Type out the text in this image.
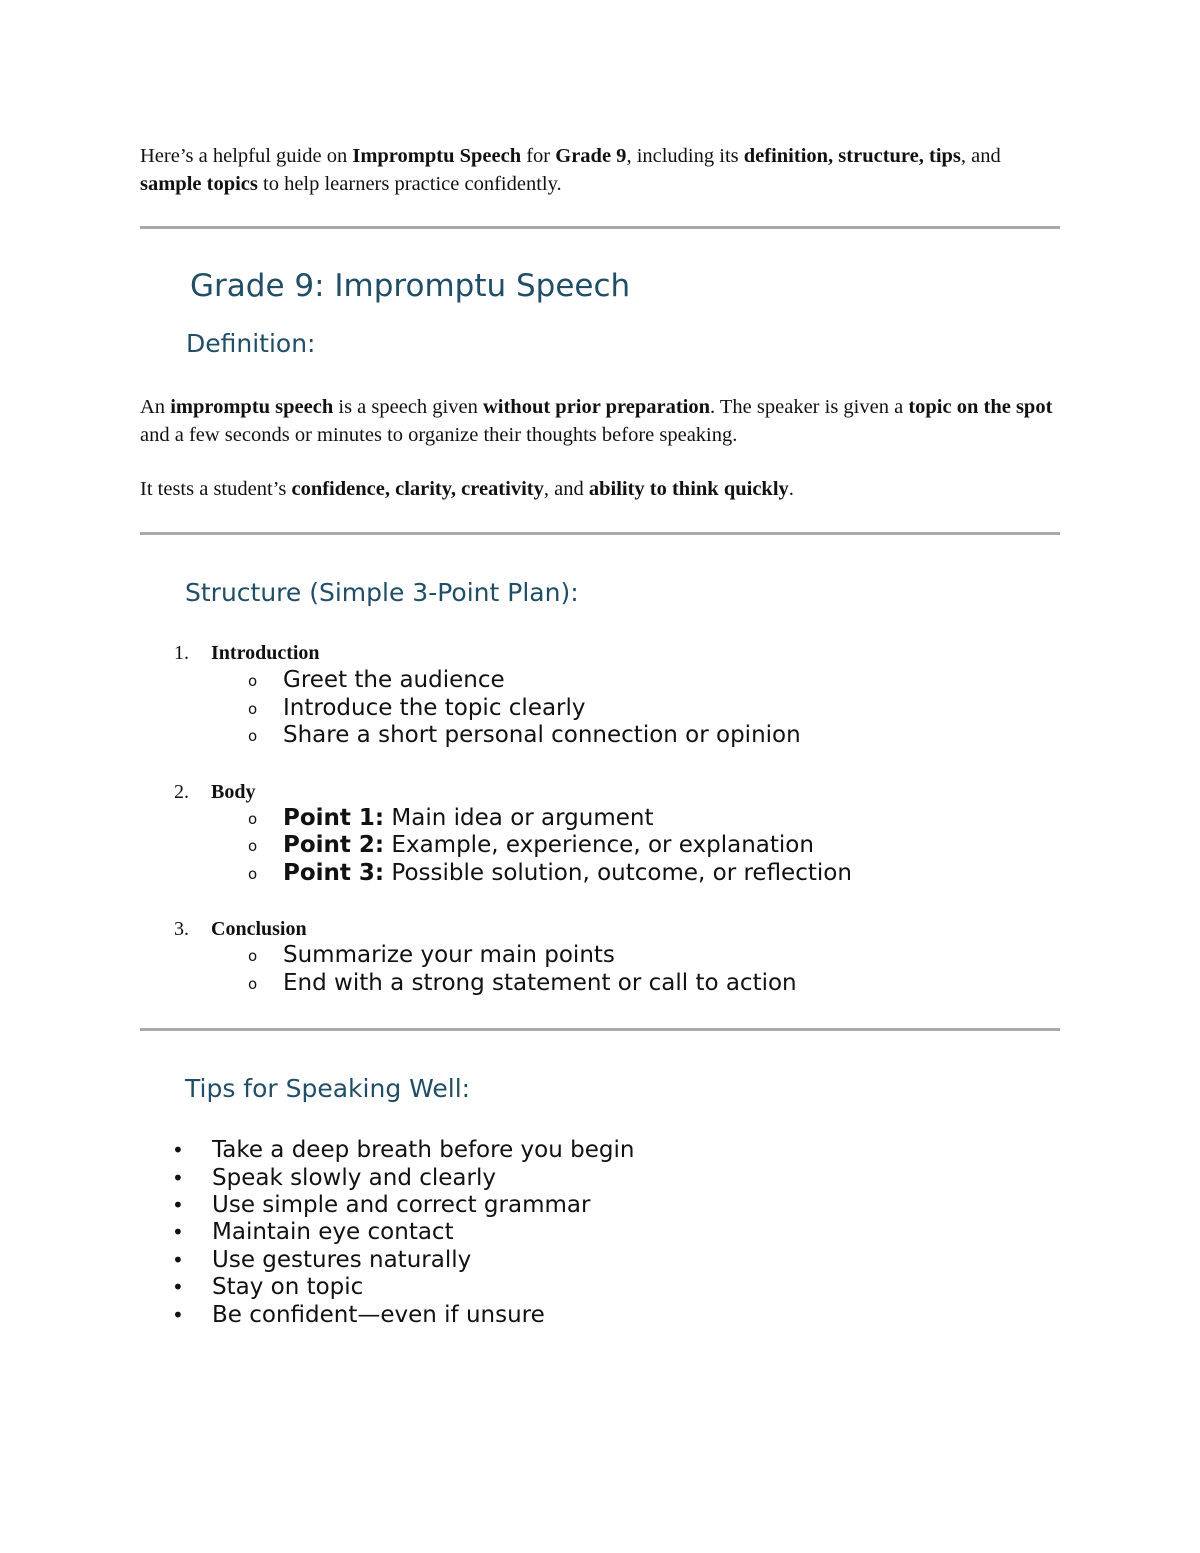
Here’s a helpful guide on Impromptu Speech for Grade 9, including its definition, structure, tips, and sample topics to help learners practice confidently.
Grade 9: Impromptu Speech
Definition:
An impromptu speech is a speech given without prior preparation. The speaker is given a topic on the spot and a few seconds or minutes to organize their thoughts before speaking.
It tests a student’s confidence, clarity, creativity, and ability to think quickly.
Structure (Simple 3-Point Plan):
1. Introduction
o Greet the audience
o Introduce the topic clearly
o Share a short personal connection or opinion
2. Body
o Point 1: Main idea or argument
o Point 2: Example, experience, or explanation
o Point 3: Possible solution, outcome, or reflection
3. Conclusion
o Summarize your main points
o End with a strong statement or call to action
Tips for Speaking Well:
• Take a deep breath before you begin
• Speak slowly and clearly
• Use simple and correct grammar
• Maintain eye contact
• Use gestures naturally
• Stay on topic
• Be confident—even if unsure
